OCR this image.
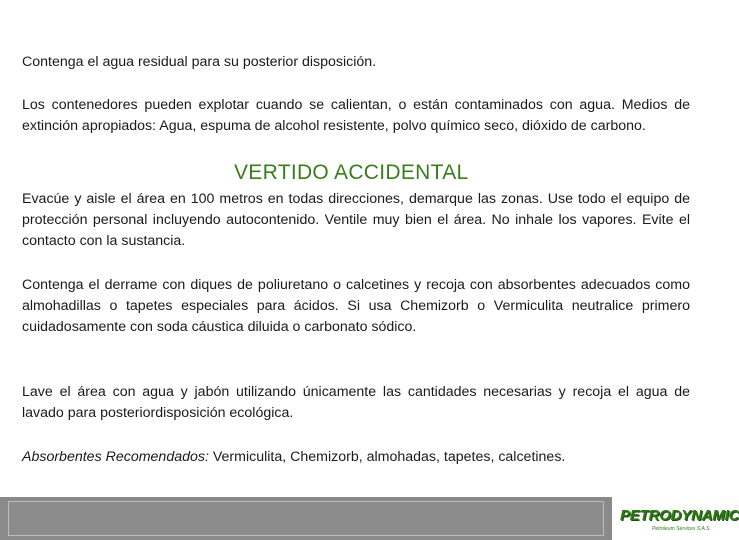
Contenga el agua residual para su posterior disposición.

Los contenedores pueden explotar cuando se calientan, o están contaminados con agua. Medios de extinción apropiados: Agua, espuma de alcohol resistente, polvo químico seco, dióxido de carbono.

VERTIDO ACCIDENTAL

Evacúe y aisle el área en 100 metros en todas direcciones, demarque las zonas. Use todo el equipo de protección personal incluyendo autocontenido. Ventile muy bien el área. No inhale los vapores. Evite el contacto con la sustancia.

Contenga el derrame con diques de poliuretano o calcetines y recoja con absorbentes adecuados como almohadillas o tapetes especiales para ácidos. Si usa Chemizorb o Vermiculita neutralice primero cuidadosamente con soda cáustica diluida o carbonato sódico.

Lave el área con agua y jabón utilizando únicamente las cantidades necesarias y recoja el agua de lavado para posteriordisposición ecológica.

Absorbentes Recomendados: Vermiculita, Chemizorb, almohadas, tapetes, calcetines.

PETRODYNAMIC
Petroleum Services S.A.S.
